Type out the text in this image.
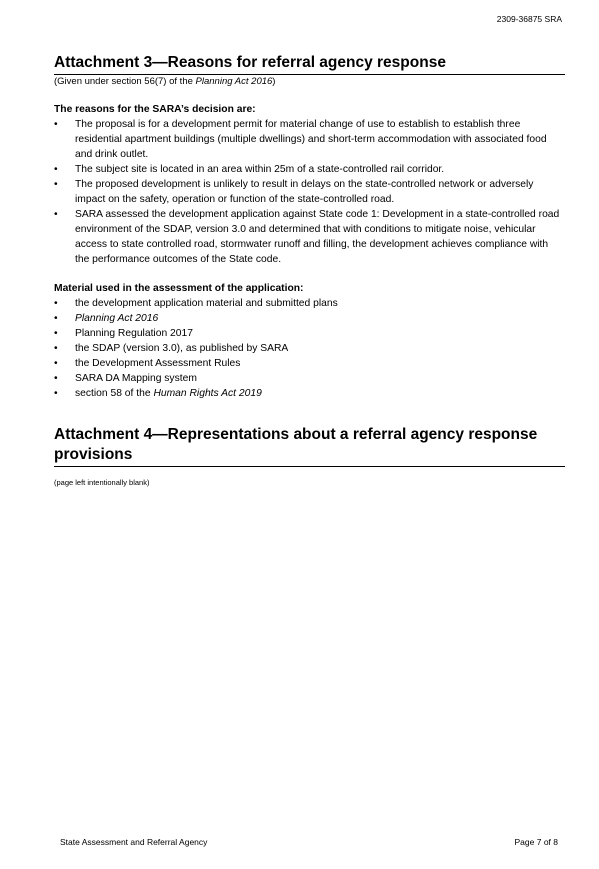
2309-36875 SRA
Attachment 3—Reasons for referral agency response

(Given under section 56(7) of the Planning Act 2016)

The reasons for the SARA’s decision are:

• The proposal is for a development permit for material change of use to establish to establish three residential apartment buildings (multiple dwellings) and short-term accommodation with associated food and drink outlet.
• The subject site is located in an area within 25m of a state-controlled rail corridor.
• The proposed development is unlikely to result in delays on the state-controlled network or adversely impact on the safety, operation or function of the state-controlled road.
• SARA assessed the development application against State code 1: Development in a state-controlled road environment of the SDAP, version 3.0 and determined that with conditions to mitigate noise, vehicular access to state controlled road, stormwater runoff and filling, the development achieves compliance with the performance outcomes of the State code.

Material used in the assessment of the application:

• the development application material and submitted plans
• Planning Act 2016
• Planning Regulation 2017
• the SDAP (version 3.0), as published by SARA
• the Development Assessment Rules
• SARA DA Mapping system
• section 58 of the Human Rights Act 2019
Attachment 4—Representations about a referral agency response provisions

(page left intentionally blank)

State Assessment and Referral Agency	Page 7 of 8
